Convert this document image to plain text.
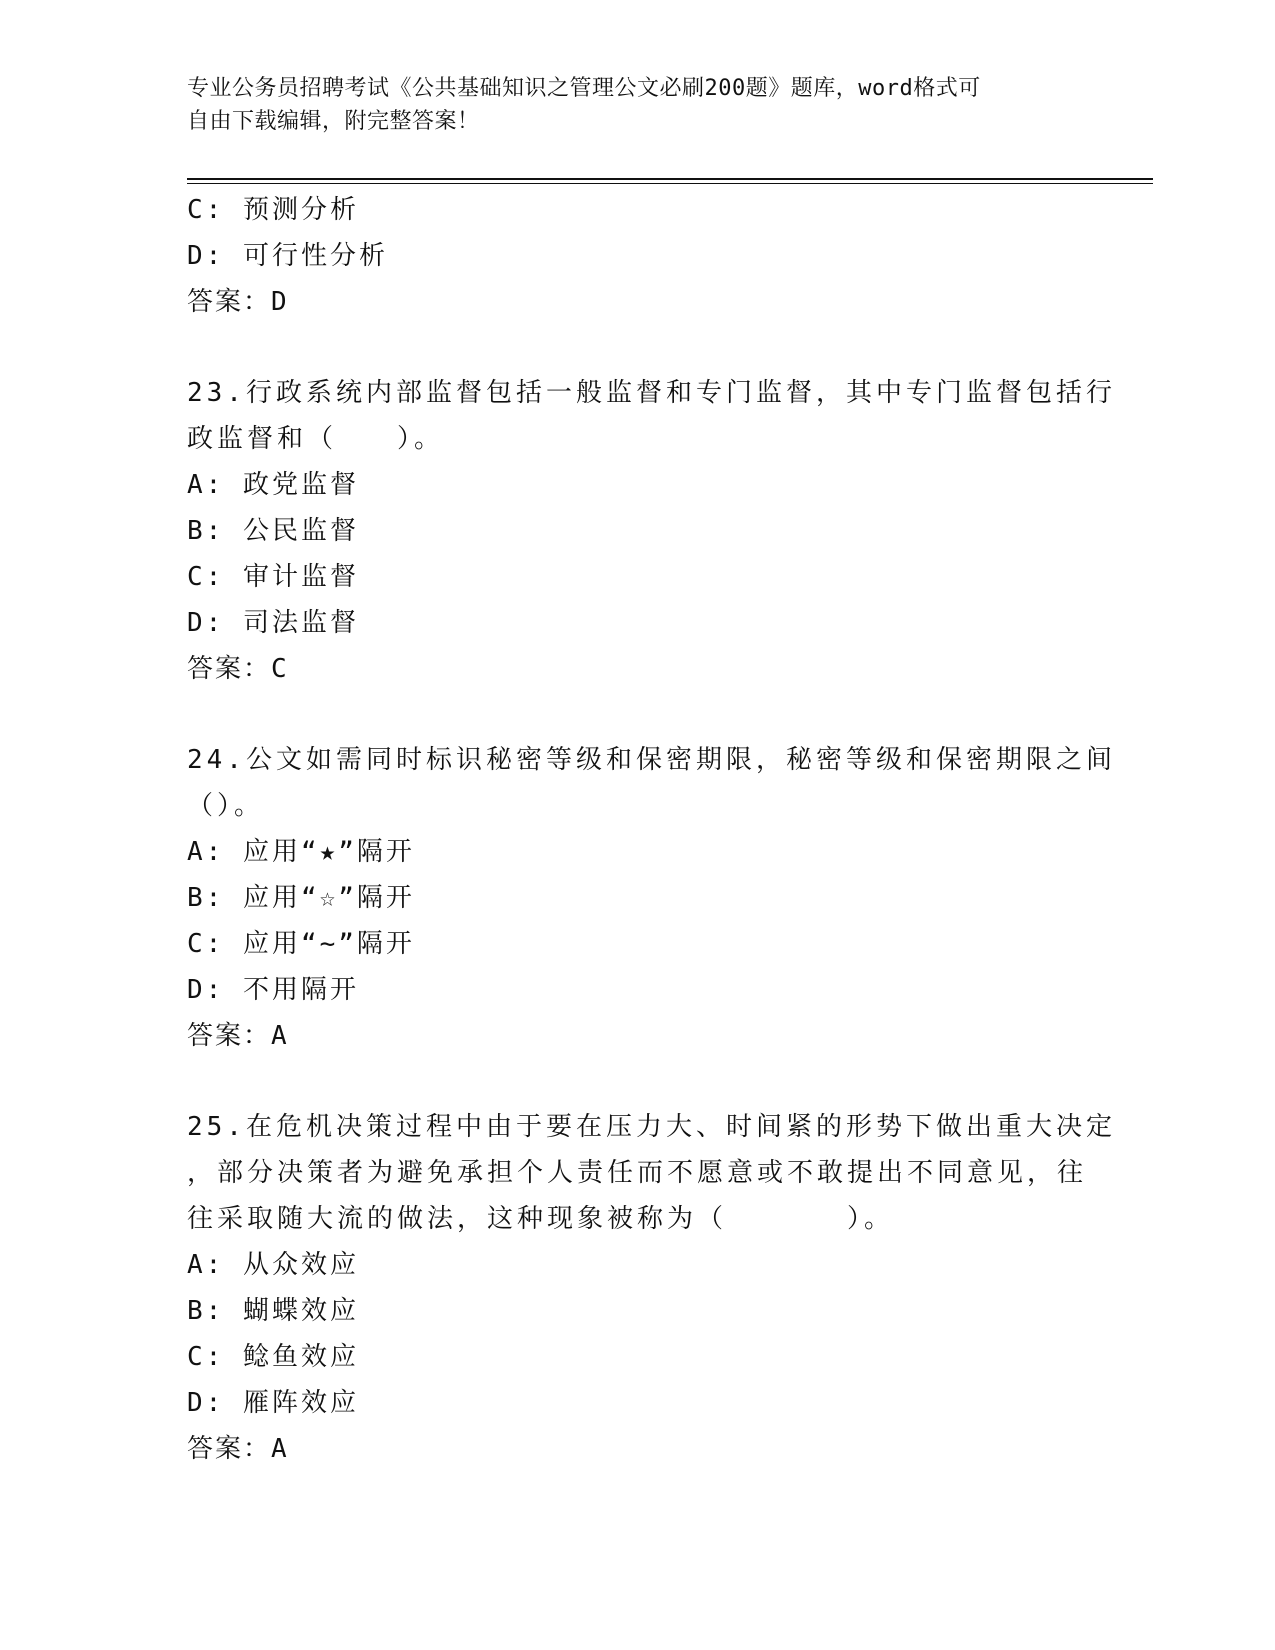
专业公务员招聘考试《公共基础知识之管理公文必刷200题》题库，word格式可
自由下载编辑，附完整答案！
C: 预测分析
D: 可行性分析
答案：D
23.行政系统内部监督包括一般监督和专门监督，其中专门监督包括行
政监督和（　　）。
A: 政党监督
B: 公民监督
C: 审计监督
D: 司法监督
答案：C
24.公文如需同时标识秘密等级和保密期限，秘密等级和保密期限之间
（）。
A: 应用“★”隔开
B: 应用“☆”隔开
C: 应用“~”隔开
D: 不用隔开
答案：A
25.在危机决策过程中由于要在压力大、时间紧的形势下做出重大决定
，部分决策者为避免承担个人责任而不愿意或不敢提出不同意见，往
往采取随大流的做法，这种现象被称为（　　　　）。
A: 从众效应
B: 蝴蝶效应
C: 鲶鱼效应
D: 雁阵效应
答案：A
